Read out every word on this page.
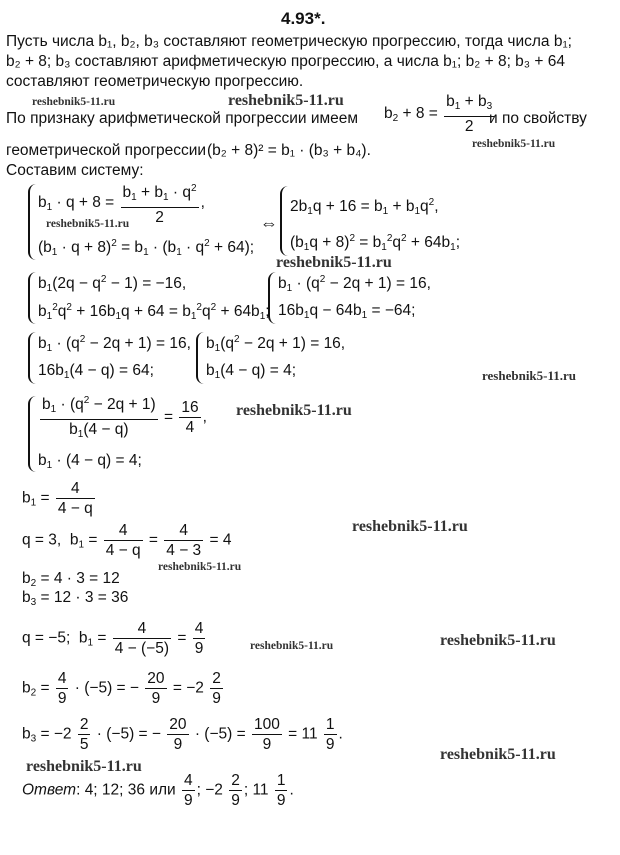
4.93*.
Пусть числа b₁, b₂, b₃ составляют геометрическую прогрессию, тогда числа b₁;
b₂ + 8; b₃ составляют арифметическую прогрессию, а числа b₁; b₂ + 8; b₃ + 64
составляют геометрическую прогрессию.
reshebnik5-11.ru	reshebnik5-11.ru
По признаку арифметической прогрессии имеем $b_2 + 8 = \frac{b_1 + b_3}{2}$
и по свойству
reshebnik5-11.ru
геометрической прогрессии (b₂ + 8)² = b₁ · (b₃ + b₄).
Составим систему:
$b_1 \cdot q + 8 = \frac{b_1 + b_1 \cdot q^2}{2}$ ,
reshebnik5-11.ru
$(b_1 \cdot q + 8)^2 = b_1 \cdot (b_1 \cdot q^2 + 64)$;
⇔
$2b_1q + 16 = b_1 + b_1q^2$,
$(b_1q + 8)^2 = b_1^2q^2 + 64b_1$;
reshebnik5-11.ru
$b_1(2q - q^2 - 1) = -16$,
$b_1^2q^2 + 16b_1q + 64 = b_1^2q^2 + 64b_1$;
$b_1 \cdot (q^2 - 2q + 1) = 16$,
$16b_1q - 64b_1 = -64$;
$b_1 \cdot (q^2 - 2q + 1) = 16$,
$16b_1(4 - q) = 64$;
$b_1(q^2 - 2q + 1) = 16$,
$b_1(4 - q) = 4$;	reshebnik5-11.ru
$\frac{b_1 \cdot (q^2 - 2q + 1)}{b_1(4 - q)} = \frac{16}{4}$ ,
$b_1 \cdot (4 - q) = 4$;
reshebnik5-11.ru
$b_1 = \frac{4}{4 - q}$
reshebnik5-11.ru
q = 3,  $b_1 = \frac{4}{4 - q} = \frac{4}{4 - 3} = 4$
reshebnik5-11.ru
$b_2 = 4 \cdot 3 = 12$
$b_3 = 12 \cdot 3 = 36$
q = −5;  $b_1 = \frac{4}{4 - (-5)} = \frac{4}{9}$	reshebnik5-11.ru	reshebnik5-11.ru
$b_2 = \frac{4}{9} \cdot (-5)$ = − $\frac{20}{9} = -2 \frac{2}{9}$
$b_3 = -2 \frac{2}{5} \cdot (-5)$ = − $\frac{20}{9} \cdot (-5) = \frac{100}{9} = 11 \frac{1}{9}$ .
reshebnik5-11.ru
reshebnik5-11.ru
Ответ: 4; 12; 36 или $\frac{4}{9}$ ; $-2 \frac{2}{9}$ ; $11 \frac{1}{9}$ .
